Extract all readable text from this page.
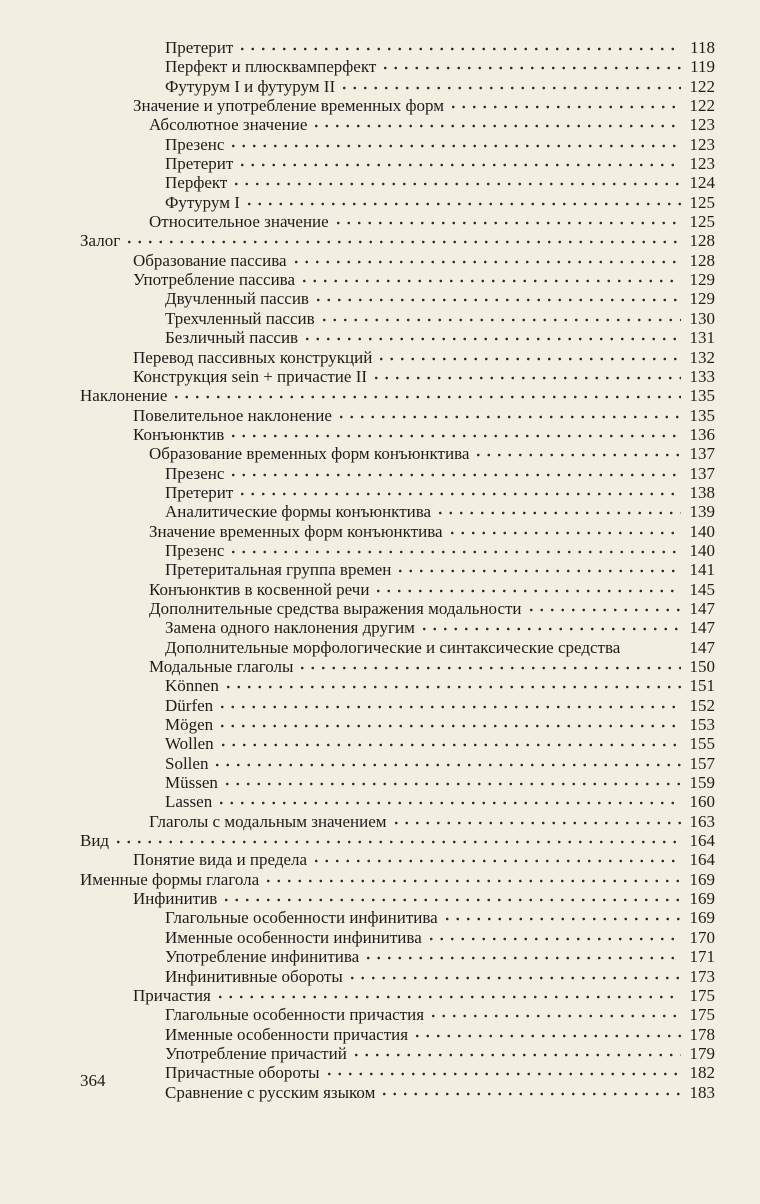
Претерит	118
Перфект и плюсквамперфект	119
Футурум I и футурум II	122
Значение и употребление временных форм	122
Абсолютное значение	123
Презенс	123
Претерит	123
Перфект	124
Футурум I	125
Относительное значение	125
Залог	128
Образование пассива	128
Употребление пассива	129
Двучленный пассив	129
Трехчленный пассив	130
Безличный пассив	131
Перевод пассивных конструкций	132
Конструкция sein + причастие II	133
Наклонение	135
Повелительное наклонение	135
Конъюнктив	136
Образование временных форм конъюнктива	137
Презенс	137
Претерит	138
Аналитические формы конъюнктива	139
Значение временных форм конъюнктива	140
Презенс	140
Претеритальная группа времен	141
Конъюнктив в косвенной речи	145
Дополнительные средства выражения модальности	147
Замена одного наклонения другим	147
Дополнительные морфологические и синтаксические средства	147
Модальные глаголы	150
Können	151
Dürfen	152
Mögen	153
Wollen	155
Sollen	157
Müssen	159
Lassen	160
Глаголы с модальным значением	163
Вид	164
Понятие вида и предела	164
Именные формы глагола	169
Инфинитив	169
Глагольные особенности инфинитива	169
Именные особенности инфинитива	170
Употребление инфинитива	171
Инфинитивные обороты	173
Причастия	175
Глагольные особенности причастия	175
Именные особенности причастия	178
Употребление причастий	179
Причастные обороты	182
Сравнение с русским языком	183
364
